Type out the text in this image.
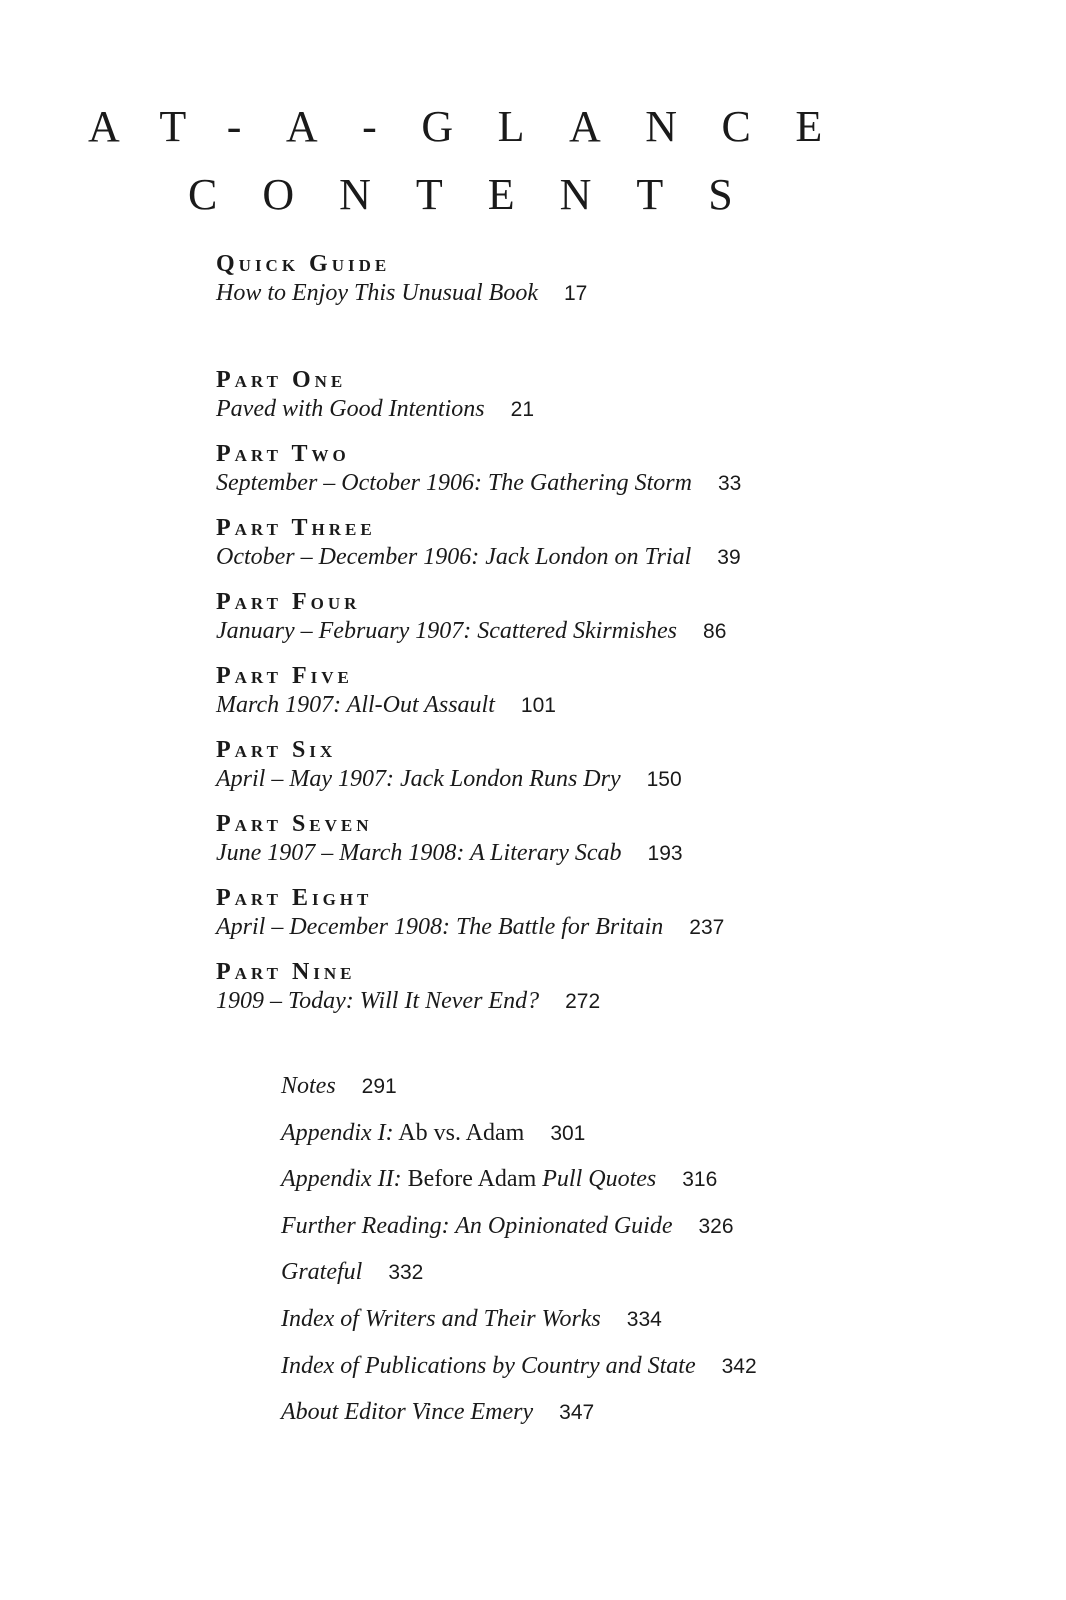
AT-A-GLANCE
CONTENTS
Quick Guide
How to Enjoy This Unusual Book 17
Part One
Paved with Good Intentions 21
Part Two
September – October 1906: The Gathering Storm 33
Part Three
October – December 1906: Jack London on Trial 39
Part Four
January – February 1907: Scattered Skirmishes 86
Part Five
March 1907: All-Out Assault 101
Part Six
April – May 1907: Jack London Runs Dry 150
Part Seven
June 1907 – March 1908: A Literary Scab 193
Part Eight
April – December 1908: The Battle for Britain 237
Part Nine
1909 – Today: Will It Never End? 272
Notes 291
Appendix I: Ab vs. Adam 301
Appendix II: Before Adam Pull Quotes 316
Further Reading: An Opinionated Guide 326
Grateful 332
Index of Writers and Their Works 334
Index of Publications by Country and State 342
About Editor Vince Emery 347
